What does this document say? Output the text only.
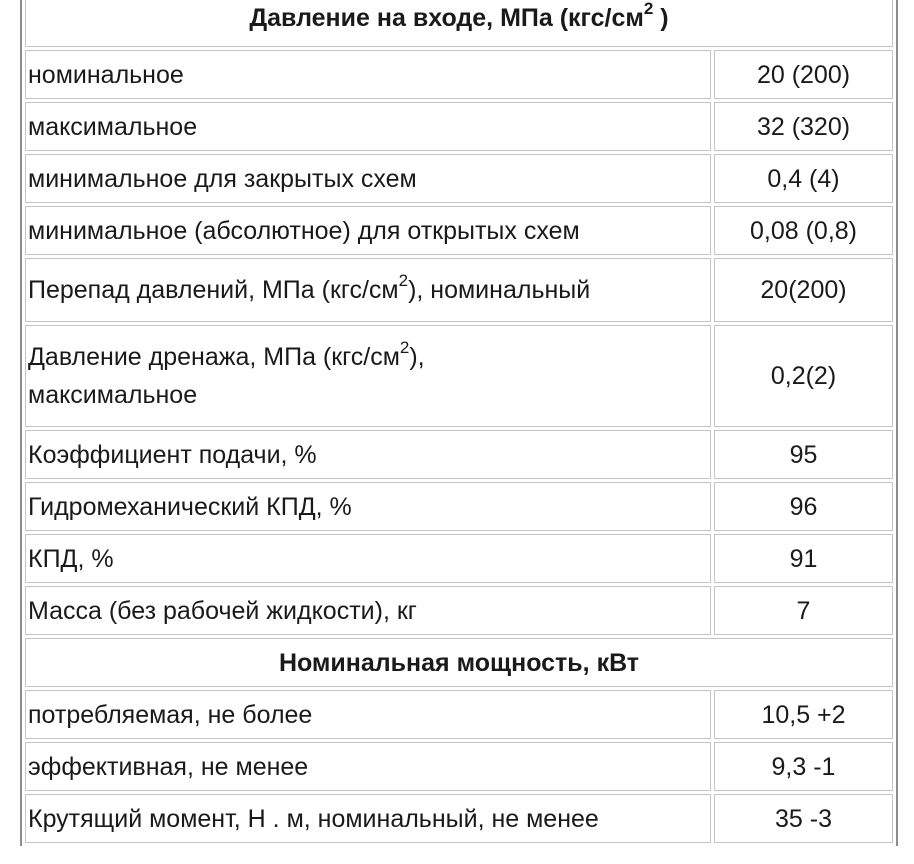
Давление на входе, МПа ($кгс/см^2$ )	
номинальное	20 (200)
максимальное	32 (320)
минимальное для закрытых схем	0,4 (4)
минимальное (абсолютное) для открытых схем	0,08 (0,8)
Перепад давлений, МПа $(кгс/см^2)$, номинальный	20(200)
Давление дренажа, МПа $(кгс/см^2)$,
максимальное	0,2(2)
Коэффициент подачи, %	95
Гидромеханический КПД, %	96
КПД, %	91
Масса (без рабочей жидкости), кг	7
Номинальная мощность, кВт	
потребляемая, не более	10,5 +2
эффективная, не менее	9,3 -1
Крутящий момент, Н . м, номинальный, не менее	35 -3
